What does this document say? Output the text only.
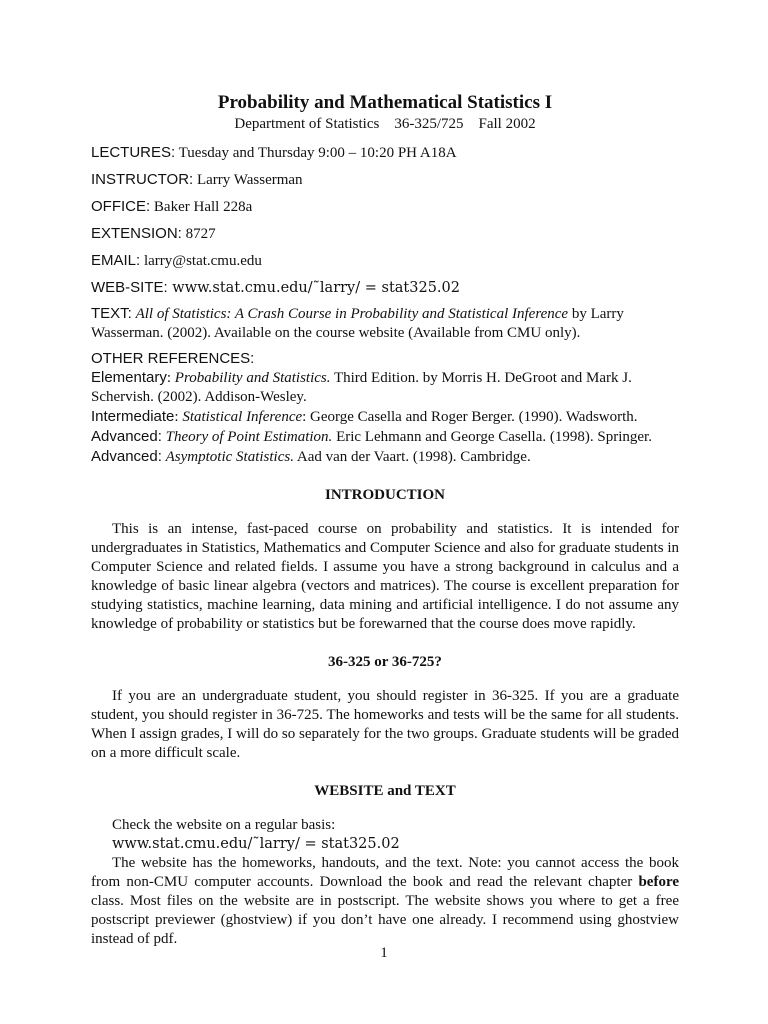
Probability and Mathematical Statistics I
Department of Statistics 36-325/725 Fall 2002
LECTURES: Tuesday and Thursday 9:00 – 10:20 PH A18A
INSTRUCTOR: Larry Wasserman
OFFICE: Baker Hall 228a
EXTENSION: 8727
EMAIL: larry@stat.cmu.edu
WEB-SITE: www.stat.cmu.edu/˜larry/ = stat325.02
TEXT: All of Statistics: A Crash Course in Probability and Statistical Inference by Larry Wasserman. (2002). Available on the course website (Available from CMU only).
OTHER REFERENCES:
Elementary: Probability and Statistics. Third Edition. by Morris H. DeGroot and Mark J. Schervish. (2002). Addison-Wesley.
Intermediate: Statistical Inference: George Casella and Roger Berger. (1990). Wadsworth.
Advanced: Theory of Point Estimation. Eric Lehmann and George Casella. (1998). Springer.
Advanced: Asymptotic Statistics. Aad van der Vaart. (1998). Cambridge.
INTRODUCTION

This is an intense, fast-paced course on probability and statistics. It is intended for undergraduates in Statistics, Mathematics and Computer Science and also for graduate students in Computer Science and related fields. I assume you have a strong background in calculus and a knowledge of basic linear algebra (vectors and matrices). The course is excellent preparation for studying statistics, machine learning, data mining and artificial intelligence. I do not assume any knowledge of probability or statistics but be forewarned that the course does move rapidly.

36-325 or 36-725?

If you are an undergraduate student, you should register in 36-325. If you are a graduate student, you should register in 36-725. The homeworks and tests will be the same for all students. When I assign grades, I will do so separately for the two groups. Graduate students will be graded on a more difficult scale.

WEBSITE and TEXT

Check the website on a regular basis:

www.stat.cmu.edu/˜larry/ = stat325.02

The website has the homeworks, handouts, and the text. Note: you cannot access the book from non-CMU computer accounts. Download the book and read the relevant chapter before class. Most files on the website are in postscript. The website shows you where to get a free postscript previewer (ghostview) if you don’t have one already. I recommend using ghostview instead of pdf.

1
